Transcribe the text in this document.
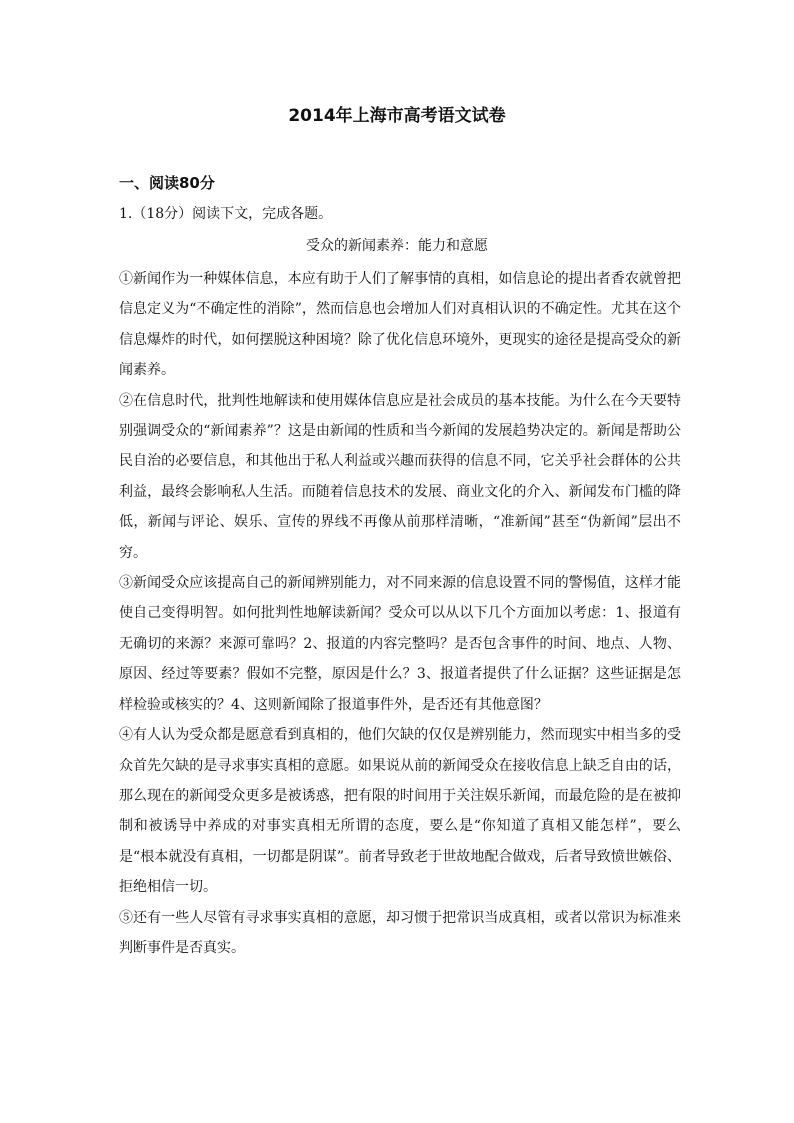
2014年上海市高考语文试卷
一、阅读80分
1.（18分）阅读下文，完成各题。
受众的新闻素养：能力和意愿

①新闻作为一种媒体信息，本应有助于人们了解事情的真相，如信息论的提出者香农就曾把信息定义为“不确定性的消除”，然而信息也会增加人们对真相认识的不确定性。尤其在这个信息爆炸的时代，如何摆脱这种困境？除了优化信息环境外，更现实的途径是提高受众的新闻素养。

②在信息时代，批判性地解读和使用媒体信息应是社会成员的基本技能。为什么在今天要特别强调受众的“新闻素养”？这是由新闻的性质和当今新闻的发展趋势决定的。新闻是帮助公民自治的必要信息，和其他出于私人利益或兴趣而获得的信息不同，它关乎社会群体的公共利益，最终会影响私人生活。而随着信息技术的发展、商业文化的介入、新闻发布门槛的降低，新闻与评论、娱乐、宣传的界线不再像从前那样清晰，“准新闻”甚至“伪新闻”层出不穷。

③新闻受众应该提高自己的新闻辨别能力，对不同来源的信息设置不同的警惕值，这样才能使自己变得明智。如何批判性地解读新闻？受众可以从以下几个方面加以考虑：1、报道有无确切的来源？来源可靠吗？2、报道的内容完整吗？是否包含事件的时间、地点、人物、原因、经过等要素？假如不完整，原因是什么？3、报道者提供了什么证据？这些证据是怎样检验或核实的？4、这则新闻除了报道事件外，是否还有其他意图？

④有人认为受众都是愿意看到真相的，他们欠缺的仅仅是辨别能力，然而现实中相当多的受众首先欠缺的是寻求事实真相的意愿。如果说从前的新闻受众在接收信息上缺乏自由的话，那么现在的新闻受众更多是被诱惑，把有限的时间用于关注娱乐新闻，而最危险的是在被抑制和被诱导中养成的对事实真相无所谓的态度，要么是“你知道了真相又能怎样”，要么是“根本就没有真相，一切都是阴谋”。前者导致老于世故地配合做戏，后者导致愤世嫉俗、拒绝相信一切。

⑤还有一些人尽管有寻求事实真相的意愿，却习惯于把常识当成真相，或者以常识为标准来判断事件是否真实。
